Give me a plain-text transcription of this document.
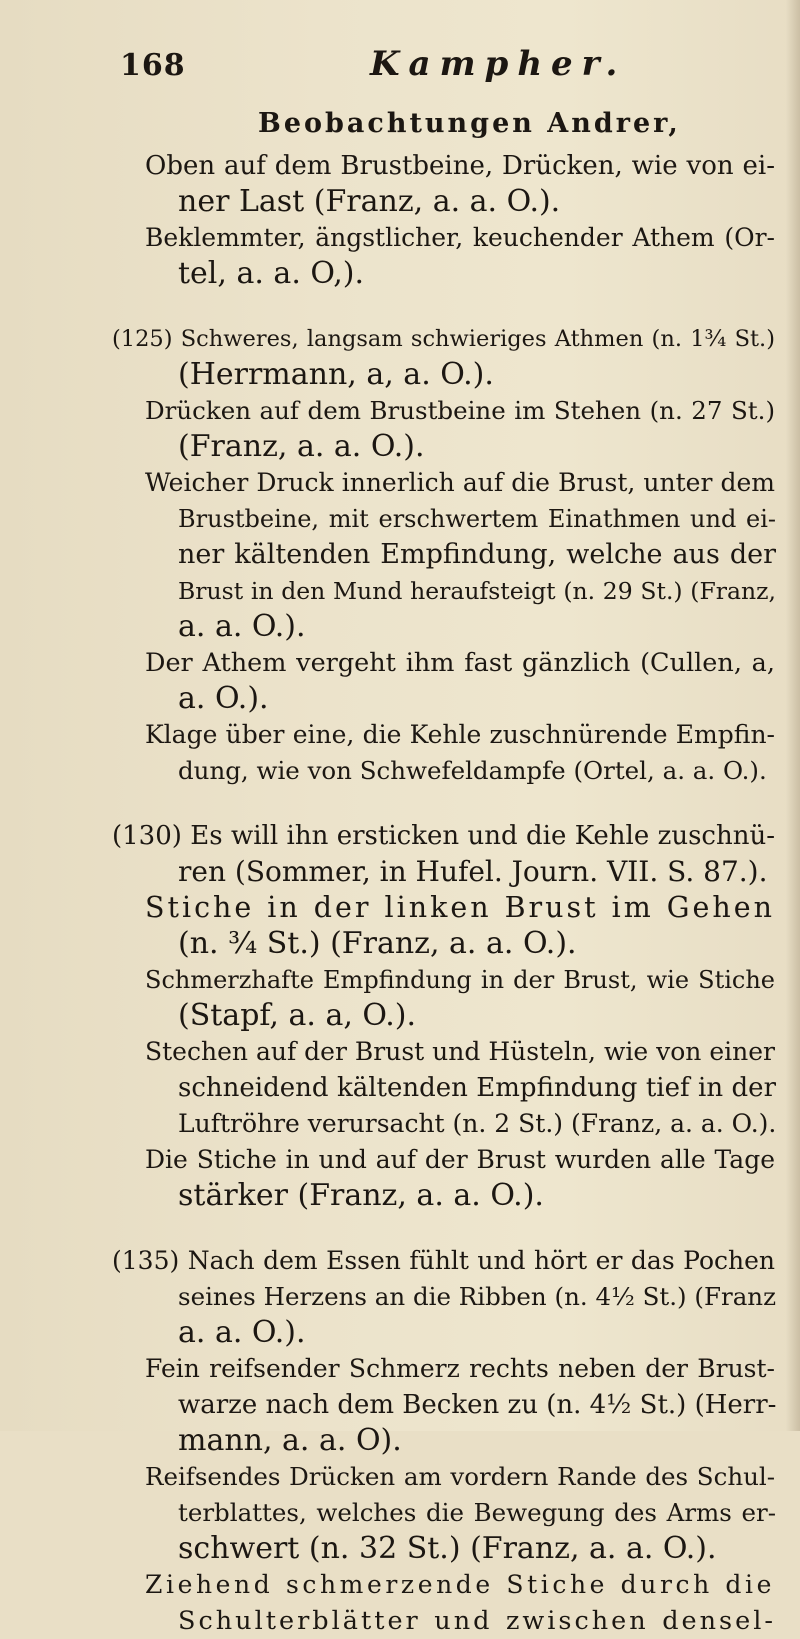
168	Kampher.
Beobachtungen Andrer,
Oben auf dem Brustbeine, Drücken, wie von ei-
ner Last (Franz, a. a. O.).
Beklemmter, ängstlicher, keuchender Athem (Or-
tel, a. a. O,).
(125) Schweres, langsam schwieriges Athmen (n. 1¾ St.)
(Herrmann, a, a. O.).
Drücken auf dem Brustbeine im Stehen (n. 27 St.)
(Franz, a. a. O.).
Weicher Druck innerlich auf die Brust, unter dem
Brustbeine, mit erschwertem Einathmen und ei-
ner kältenden Empfindung, welche aus der
Brust in den Mund heraufsteigt (n. 29 St.) (Franz,
a. a. O.).
Der Athem vergeht ihm fast gänzlich (Cullen, a,
a. O.).
Klage über eine, die Kehle zuschnürende Empfin-
dung, wie von Schwefeldampfe (Ortel, a. a. O.).
(130) Es will ihn ersticken und die Kehle zuschnü-
ren (Sommer, in Hufel. Journ. VII. S. 87.).
Stiche in der linken Brust im Gehen
(n. ¾ St.) (Franz, a. a. O.).
Schmerzhafte Empfindung in der Brust, wie Stiche
(Stapf, a. a, O.).
Stechen auf der Brust und Hüsteln, wie von einer
schneidend kältenden Empfindung tief in der
Luftröhre verursacht (n. 2 St.) (Franz, a. a. O.).
Die Stiche in und auf der Brust wurden alle Tage
stärker (Franz, a. a. O.).
(135) Nach dem Essen fühlt und hört er das Pochen
seines Herzens an die Ribben (n. 4½ St.) (Franz
a. a. O.).
Fein reifsender Schmerz rechts neben der Brust-
warze nach dem Becken zu (n. 4½ St.) (Herr-
mann, a. a. O).
Reifsendes Drücken am vordern Rande des Schul-
terblattes, welches die Bewegung des Arms er-
schwert (n. 32 St.) (Franz, a. a. O.).
Ziehend schmerzende Stiche durch die
Schulterblätter und zwischen densel-
